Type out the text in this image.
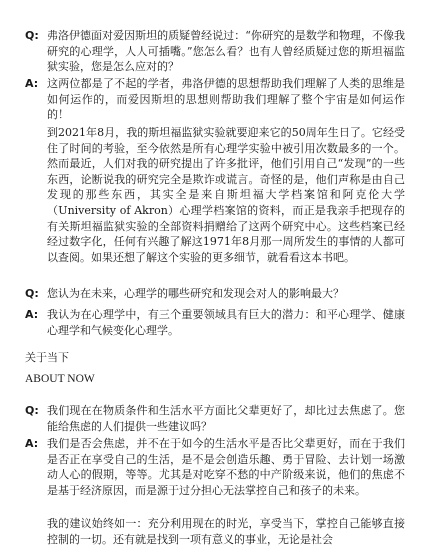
Q: 弗洛伊德面对爱因斯坦的质疑曾经说过：“你研究的是数学和物理，不像我研究的心理学，人人可插嘴。”您怎么看？也有人曾经质疑过您的斯坦福监狱实验，您是怎么应对的？
A: 这两位都是了不起的学者，弗洛伊德的思想帮助我们理解了人类的思维是如何运作的，而爱因斯坦的思想则帮助我们理解了整个宇宙是如何运作的！
到2021年8月，我的斯坦福监狱实验就要迎来它的50周年生日了。它经受住了时间的考验，至今依然是所有心理学实验中被引用次数最多的一个。然而最近，人们对我的研究提出了许多批评，他们引用自己“发现”的一些东西，论断说我的研究完全是欺诈或谎言。奇怪的是，他们声称是由自己发现的那些东西，其实全是来自斯坦福大学档案馆和阿克伦大学（University of Akron）心理学档案馆的资料，而正是我亲手把现存的有关斯坦福监狱实验的全部资料捐赠给了这两个研究中心。这些档案已经经过数字化，任何有兴趣了解这1971年8月那一周所发生的事情的人都可以查阅。如果还想了解这个实验的更多细节，就看看这本书吧。
Q: 您认为在未来，心理学的哪些研究和发现会对人的影响最大？
A: 我认为在心理学中，有三个重要领域具有巨大的潜力：和平心理学、健康心理学和气候变化心理学。
关于当下
ABOUT NOW
Q: 我们现在在物质条件和生活水平方面比父辈更好了，却比过去焦虑了。您能给焦虑的人们提供一些建议吗？
A: 我们是否会焦虑，并不在于如今的生活水平是否比父辈更好，而在于我们是否正在享受自己的生活，是不是会创造乐趣、勇于冒险、去计划一场激动人心的假期，等等。尤其是对吃穿不愁的中产阶级来说，他们的焦虑不是基于经济原因，而是源于过分担心无法掌控自己和孩子的未来。
我的建议始终如一：充分利用现在的时光，享受当下，掌控自己能够直接控制的一切。还有就是找到一项有意义的事业，无论是社会
